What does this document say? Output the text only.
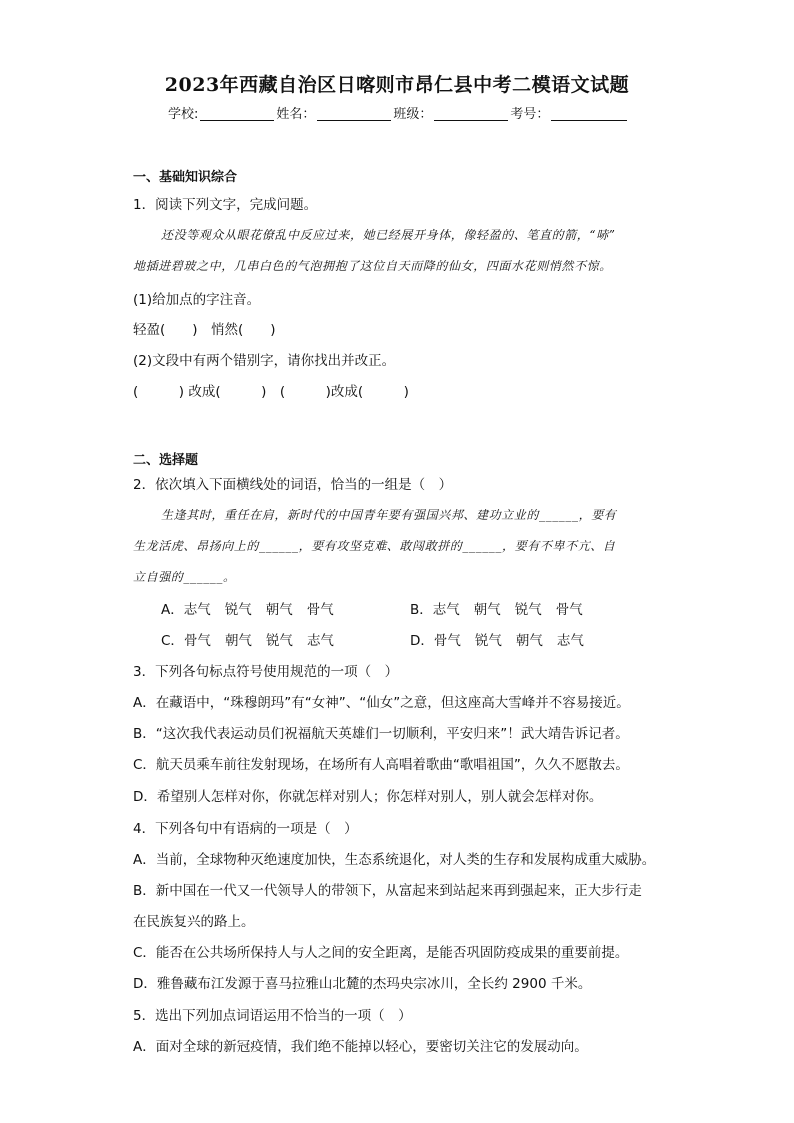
2023年西藏自治区日喀则市昂仁县中考二模语文试题
学校:	姓名：	班级：	考号：
一、基础知识综合
1．阅读下列文字，完成问题。
还没等观众从眼花僚乱中反应过来，她已经展开身体，像轻盈的、笔直的箭，“哧”
地插进碧玻之中，几串白色的气泡拥抱了这位自天而降的仙女，四面水花则悄然不惊。
(1)给加点的字注音。
轻盈(　　)　悄然(　　)
(2)文段中有两个错别字，请你找出并改正。
(　　　) 改成(　　　)　(　　　)改成(　　　)
二、选择题
2．依次填入下面横线处的词语，恰当的一组是（　）
生逢其时，重任在肩，新时代的中国青年要有强国兴邦、建功立业的______，要有
生龙活虎、昂扬向上的______，要有攻坚克难、敢闯敢拼的______，要有不卑不亢、自
立自强的______。
A．志气 锐气 朝气 骨气	B．志气 朝气 锐气 骨气
C．骨气 朝气 锐气 志气	D．骨气 锐气 朝气 志气
3．下列各句标点符号使用规范的一项（　）
A．在藏语中，“珠穆朗玛”有“女神”、“仙女”之意，但这座高大雪峰并不容易接近。
B．“这次我代表运动员们祝福航天英雄们一切顺利，平安归来”！武大靖告诉记者。
C．航天员乘车前往发射现场，在场所有人高唱着歌曲“歌唱祖国”，久久不愿散去。
D．希望别人怎样对你，你就怎样对别人；你怎样对别人，别人就会怎样对你。
4．下列各句中有语病的一项是（　）
A．当前，全球物种灭绝速度加快，生态系统退化，对人类的生存和发展构成重大威胁。
B．新中国在一代又一代领导人的带领下，从富起来到站起来再到强起来，正大步行走
在民族复兴的路上。
C．能否在公共场所保持人与人之间的安全距离，是能否巩固防疫成果的重要前提。
D．雅鲁藏布江发源于喜马拉雅山北麓的杰玛央宗冰川，全长约 2900 千米。
5．选出下列加点词语运用不恰当的一项（　）
A．面对全球的新冠疫情，我们绝不能掉以轻心，要密切关注它的发展动向。
